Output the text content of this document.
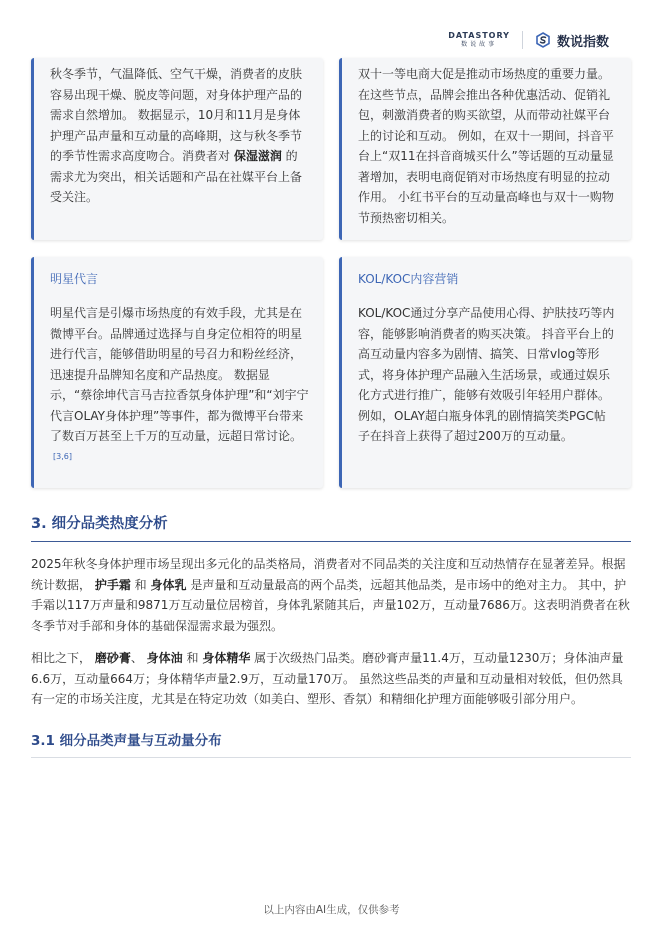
DATASTORY
数说故事	数说指数

秋冬季节，气温降低、空气干燥，消费者的皮肤容易出现干燥、脱皮等问题，对身体护理产品的需求自然增加。 数据显示，10月和11月是身体护理产品声量和互动量的高峰期，这与秋冬季节的季节性需求高度吻合。消费者对 保湿滋润 的需求尤为突出，相关话题和产品在社媒平台上备受关注。

双十一等电商大促是推动市场热度的重要力量。在这些节点，品牌会推出各种优惠活动、促销礼包，刺激消费者的购买欲望，从而带动社媒平台上的讨论和互动。 例如，在双十一期间，抖音平台上“双11在抖音商城买什么”等话题的互动量显著增加，表明电商促销对市场热度有明显的拉动作用。 小红书平台的互动量高峰也与双十一购物节预热密切相关。

明星代言

明星代言是引爆市场热度的有效手段，尤其是在微博平台。品牌通过选择与自身定位相符的明星进行代言，能够借助明星的号召力和粉丝经济，迅速提升品牌知名度和产品热度。 数据显示，“蔡徐坤代言马吉拉香氛身体护理”和“刘宇宁代言OLAY身体护理”等事件，都为微博平台带来了数百万甚至上千万的互动量，远超日常讨论。[3,6]

KOL/KOC内容营销

KOL/KOC通过分享产品使用心得、护肤技巧等内容，能够影响消费者的购买决策。 抖音平台上的高互动量内容多为剧情、搞笑、日常vlog等形式，将身体护理产品融入生活场景，或通过娱乐化方式进行推广，能够有效吸引年轻用户群体。例如，OLAY超白瓶身体乳的剧情搞笑类PGC帖子在抖音上获得了超过200万的互动量。

3. 细分品类热度分析

2025年秋冬身体护理市场呈现出多元化的品类格局，消费者对不同品类的关注度和互动热情存在显著差异。根据统计数据， 护手霜 和 身体乳 是声量和互动量最高的两个品类，远超其他品类，是市场中的绝对主力。 其中，护手霜以117万声量和9871万互动量位居榜首，身体乳紧随其后，声量102万，互动量7686万。这表明消费者在秋冬季节对手部和身体的基础保湿需求最为强烈。

相比之下， 磨砂膏、 身体油 和 身体精华 属于次级热门品类。磨砂膏声量11.4万，互动量1230万；身体油声量6.6万，互动量664万；身体精华声量2.9万，互动量170万。 虽然这些品类的声量和互动量相对较低，但仍然具有一定的市场关注度，尤其是在特定功效（如美白、塑形、香氛）和精细化护理方面能够吸引部分用户。

3.1 细分品类声量与互动量分布
以上内容由AI生成，仅供参考
